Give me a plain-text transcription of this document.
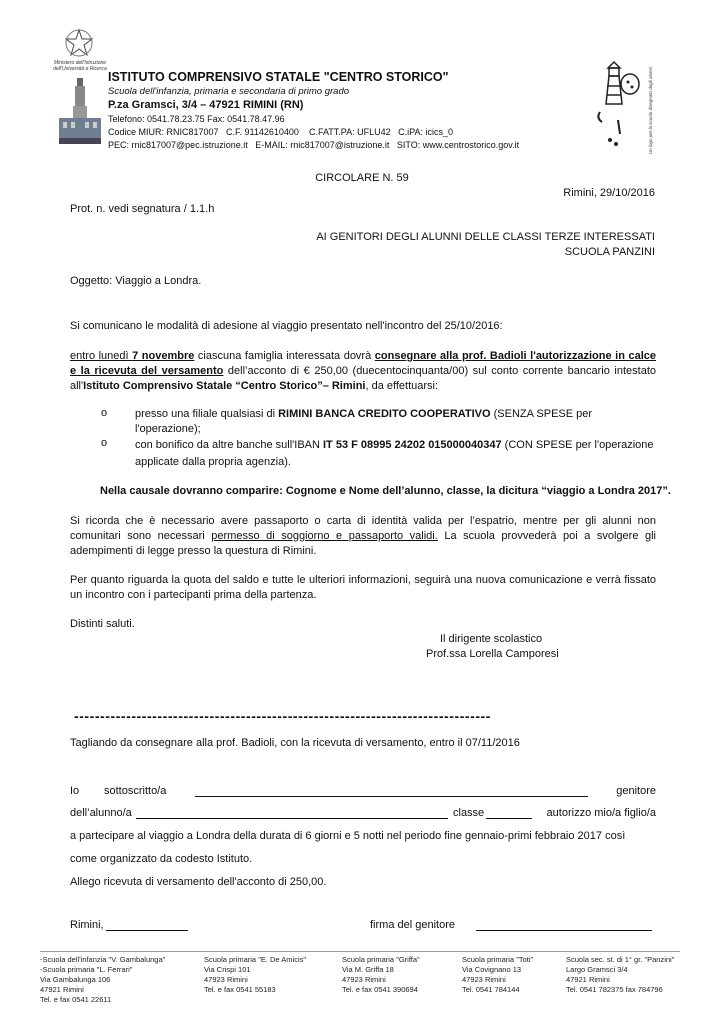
Ministero dell'Istruzione dell'Università e Ricerca
ISTITUTO COMPRENSIVO STATALE "CENTRO STORICO"
Scuola dell'infanzia, primaria e secondaria di primo grado
P.za Gramsci, 3/4 – 47921 RIMINI (RN)
Telefono: 0541.78.23.75 Fax: 0541.78.47.96
Codice MIUR: RNIC817007   C.F. 91142610400    C.FATT.PA: UFLU42   C.iPA: icics_0
PEC: rnic817007@pec.istruzione.it   E-MAIL: rnic817007@istruzione.it   SITO: www.centrostorico.gov.it	Un logo per la scuola disegnato dagli alunni
CIRCOLARE N. 59
Rimini, 29/10/2016
Prot. n. vedi segnatura / 1.1.h
AI GENITORI DEGLI ALUNNI DELLE CLASSI TERZE INTERESSATI
SCUOLA PANZINI
Oggetto: Viaggio a Londra.
Si comunicano le modalità di adesione al viaggio presentato nell'incontro del 25/10/2016:
entro lunedì 7 novembre ciascuna famiglia interessata dovrà consegnare alla prof. Badioli l'autorizzazione in calce e la ricevuta del versamento dell’acconto di € 250,00 (duecentocinquanta/00) sul conto corrente bancario intestato all'Istituto Comprensivo Statale “Centro Storico”– Rimini, da effettuarsi:
o	presso una filiale qualsiasi di RIMINI BANCA CREDITO COOPERATIVO (SENZA SPESE per l'operazione);
o	con bonifico da altre banche sull'IBAN IT 53 F 08995 24202 015000040347 (CON SPESE per l'operazione applicate dalla propria agenzia).
Nella causale dovranno comparire: Cognome e Nome dell’alunno, classe, la dicitura “viaggio a Londra 2017”.
Si ricorda che è necessario avere passaporto o carta di identità valida per l’espatrio, mentre per gli alunni non comunitari sono necessari permesso di soggiorno e passaporto validi. La scuola provvederà poi a svolgere gli adempimenti di legge presso la questura di Rimini.
Per quanto riguarda la quota del saldo e tutte le ulteriori informazioni, seguirà una nuova comunicazione e verrà fissato un incontro con i partecipanti prima della partenza.
Distinti saluti.
Il dirigente scolastico
Prof.ssa Lorella Camporesi
--------------------------------------------------------------------------------
Tagliando da consegnare alla prof. Badioli, con la ricevuta di versamento, entro il 07/11/2016
Io sottoscritto/a	genitore
dell’alunno/a	classe	autorizzo mio/a figlio/a
a partecipare al viaggio a Londra della durata di 6 giorni e 5 notti nel periodo fine gennaio-primi febbraio 2017 così
come organizzato da codesto Istituto.
Allego ricevuta di versamento dell'acconto di 250,00.
Rimini,	firma del genitore
-Scuola dell'infanzia "V. Gambalunga"
-Scuola primaria "L. Ferrari"
Via Gambalunga 106
47921 Rimini
Tel. e fax 0541 22611
Scuola primaria "E. De Amicis"
Via Crispi 101
47923 Rimini
Tel. e fax 0541 55183
Scuola primaria "Griffa"
Via M. Griffa 18
47923 Rimini
Tel. e fax 0541 390694
Scuola primaria "Toti"
Via Covignano 13
47923 Rimini
Tel. 0541 784144
Scuola sec. st. di 1° gr. "Panzini"
Largo Gramsci 3/4
47921 Rimini
Tel. 0541 782375 fax 784796
